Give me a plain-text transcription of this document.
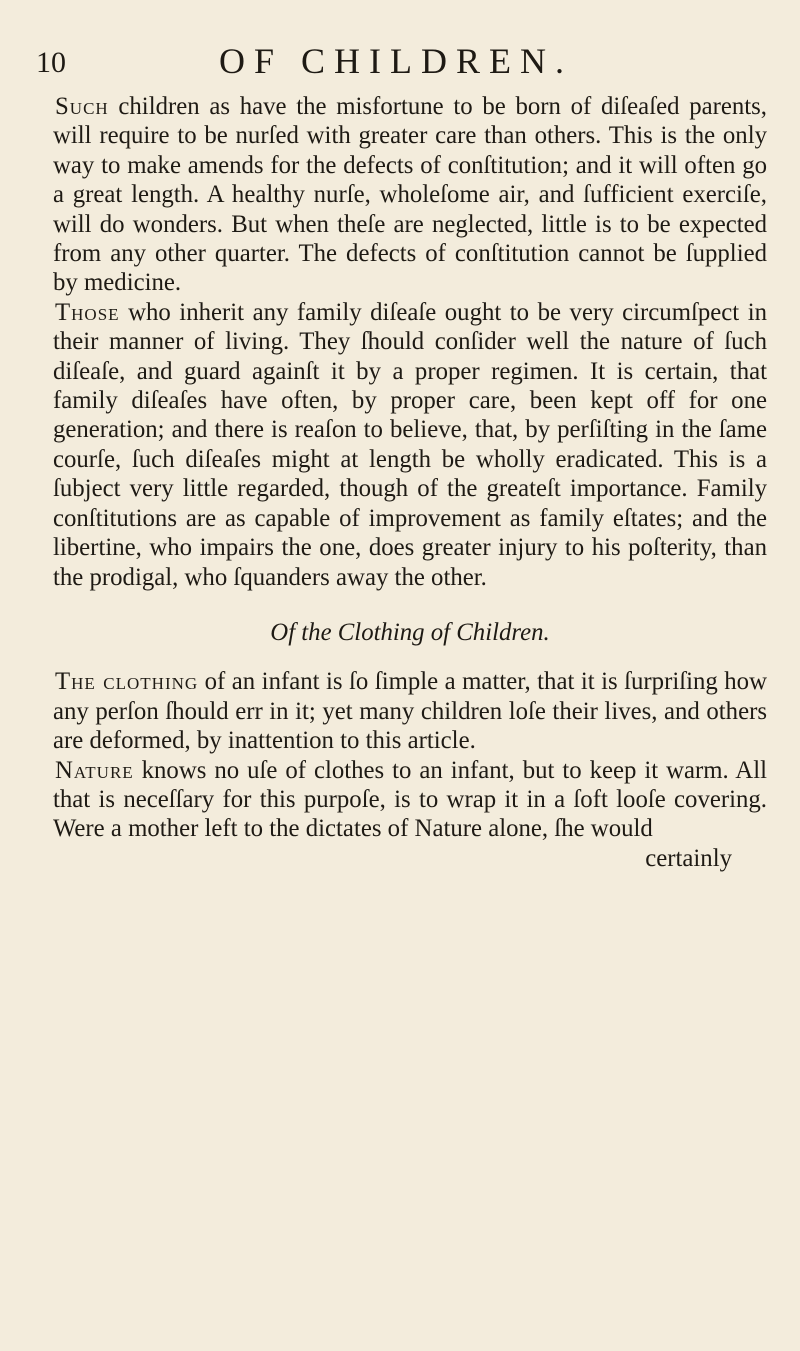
10	OF CHILDREN.

Such children as have the misfortune to be born of diſeaſed parents, will require to be nurſed with greater care than others. This is the only way to make amends for the defects of conſtitution; and it will often go a great length. A healthy nurſe, wholeſome air, and ſufficient exerciſe, will do wonders. But when theſe are neglected, little is to be expected from any other quarter. The defects of conſtitution cannot be ſupplied by medicine.

Those who inherit any family diſeaſe ought to be very circumſpect in their manner of living. They ſhould conſider well the nature of ſuch diſeaſe, and guard againſt it by a proper regimen. It is certain, that family diſeaſes have often, by proper care, been kept off for one generation; and there is reaſon to believe, that, by perſiſting in the ſame courſe, ſuch diſeaſes might at length be wholly eradicated. This is a ſubject very little regarded, though of the greateſt importance. Family conſtitutions are as capable of improvement as family eſtates; and the libertine, who impairs the one, does greater injury to his poſterity, than the prodigal, who ſquanders away the other.

Of the Clothing of Children.

The clothing of an infant is ſo ſimple a matter, that it is ſurpriſing how any perſon ſhould err in it; yet many children loſe their lives, and others are deformed, by inattention to this article.

Nature knows no uſe of clothes to an infant, but to keep it warm. All that is neceſſary for this purpoſe, is to wrap it in a ſoft looſe covering. Were a mother left to the dictates of Nature alone, ſhe would

certainly
